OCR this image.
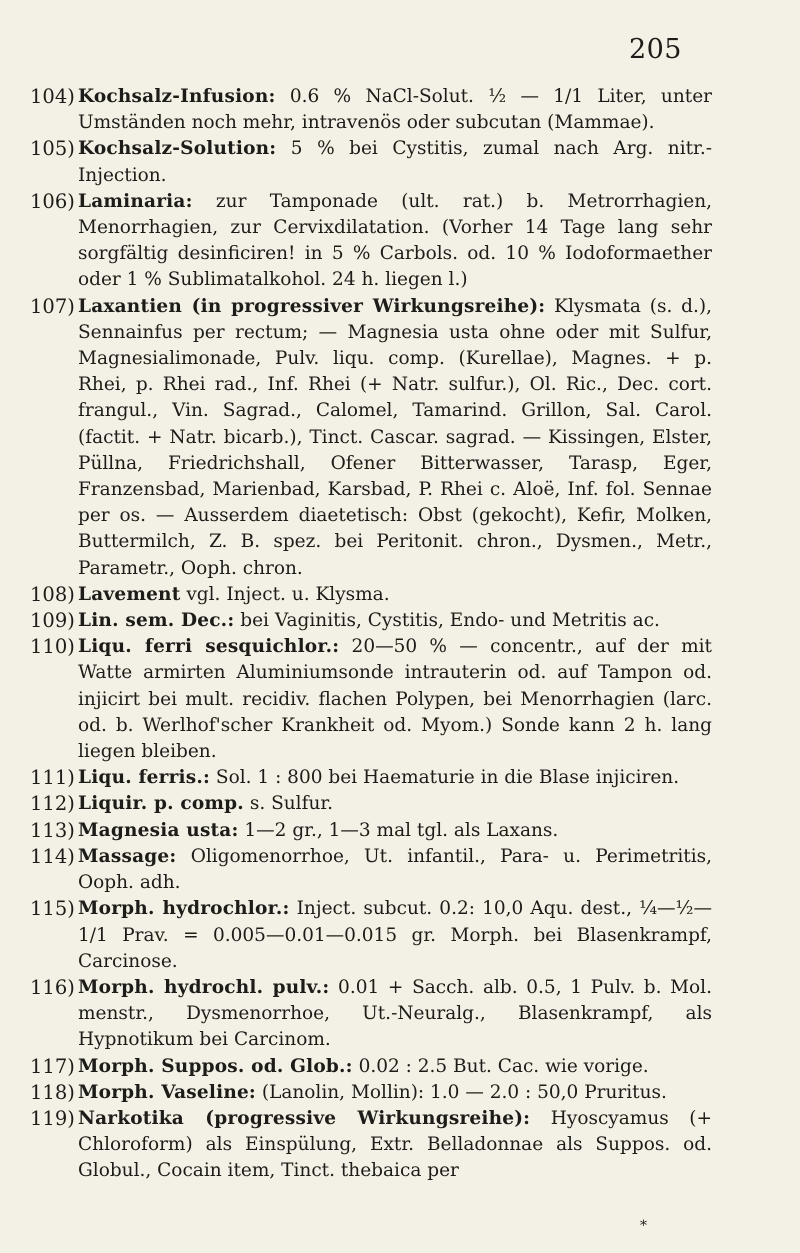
205
104) Kochsalz-Infusion: 0.6 % NaCl-Solut. ½ — 1/1 Liter, unter Umständen noch mehr, intravenös oder subcutan (Mammae).
105) Kochsalz-Solution: 5 % bei Cystitis, zumal nach Arg. nitr.-Injection.
106) Laminaria: zur Tamponade (ult. rat.) b. Metrorrhagien, Menorrhagien, zur Cervixdilatation. (Vorher 14 Tage lang sehr sorgfältig desinficiren! in 5 % Carbols. od. 10 % Iodoformaether oder 1 % Sublimatalkohol. 24 h. liegen l.)
107) Laxantien (in progressiver Wirkungsreihe): Klysmata (s. d.), Sennainfus per rectum; — Magnesia usta ohne oder mit Sulfur, Magnesialimonade, Pulv. liqu. comp. (Kurellae), Magnes. + p. Rhei, p. Rhei rad., Inf. Rhei (+ Natr. sulfur.), Ol. Ric., Dec. cort. frangul., Vin. Sagrad., Calomel, Tamarind. Grillon, Sal. Carol. (factit. + Natr. bicarb.), Tinct. Cascar. sagrad. — Kissingen, Elster, Püllna, Friedrichshall, Ofener Bitterwasser, Tarasp, Eger, Franzensbad, Marienbad, Karsbad, P. Rhei c. Aloë, Inf. fol. Sennae per os. — Ausserdem diaetetisch: Obst (gekocht), Kefir, Molken, Buttermilch, Z. B. spez. bei Peritonit. chron., Dysmen., Metr., Parametr., Ooph. chron.
108) Lavement vgl. Inject. u. Klysma.
109) Lin. sem. Dec.: bei Vaginitis, Cystitis, Endo- und Metritis ac.
110) Liqu. ferri sesquichlor.: 20—50 % — concentr., auf der mit Watte armirten Aluminiumsonde intrauterin od. auf Tampon od. injicirt bei mult. recidiv. flachen Polypen, bei Menorrhagien (larc. od. b. Werlhof'scher Krankheit od. Myom.) Sonde kann 2 h. lang liegen bleiben.
111) Liqu. ferris.: Sol. 1 : 800 bei Haematurie in die Blase injiciren.
112) Liquir. p. comp. s. Sulfur.
113) Magnesia usta: 1—2 gr., 1—3 mal tgl. als Laxans.
114) Massage: Oligomenorrhoe, Ut. infantil., Para- u. Perimetritis, Ooph. adh.
115) Morph. hydrochlor.: Inject. subcut. 0.2: 10,0 Aqu. dest., ¼—½—1/1 Prav. = 0.005—0.01—0.015 gr. Morph. bei Blasenkrampf, Carcinose.
116) Morph. hydrochl. pulv.: 0.01 + Sacch. alb. 0.5, 1 Pulv. b. Mol. menstr., Dysmenorrhoe, Ut.-Neuralg., Blasenkrampf, als Hypnotikum bei Carcinom.
117) Morph. Suppos. od. Glob.: 0.02 : 2.5 But. Cac. wie vorige.
118) Morph. Vaseline: (Lanolin, Mollin): 1.0 — 2.0 : 50,0 Pruritus.
119) Narkotika (progressive Wirkungsreihe): Hyoscyamus (+ Chloroform) als Einspülung, Extr. Belladonnae als Suppos. od. Globul., Cocain item, Tinct. thebaica per
*
